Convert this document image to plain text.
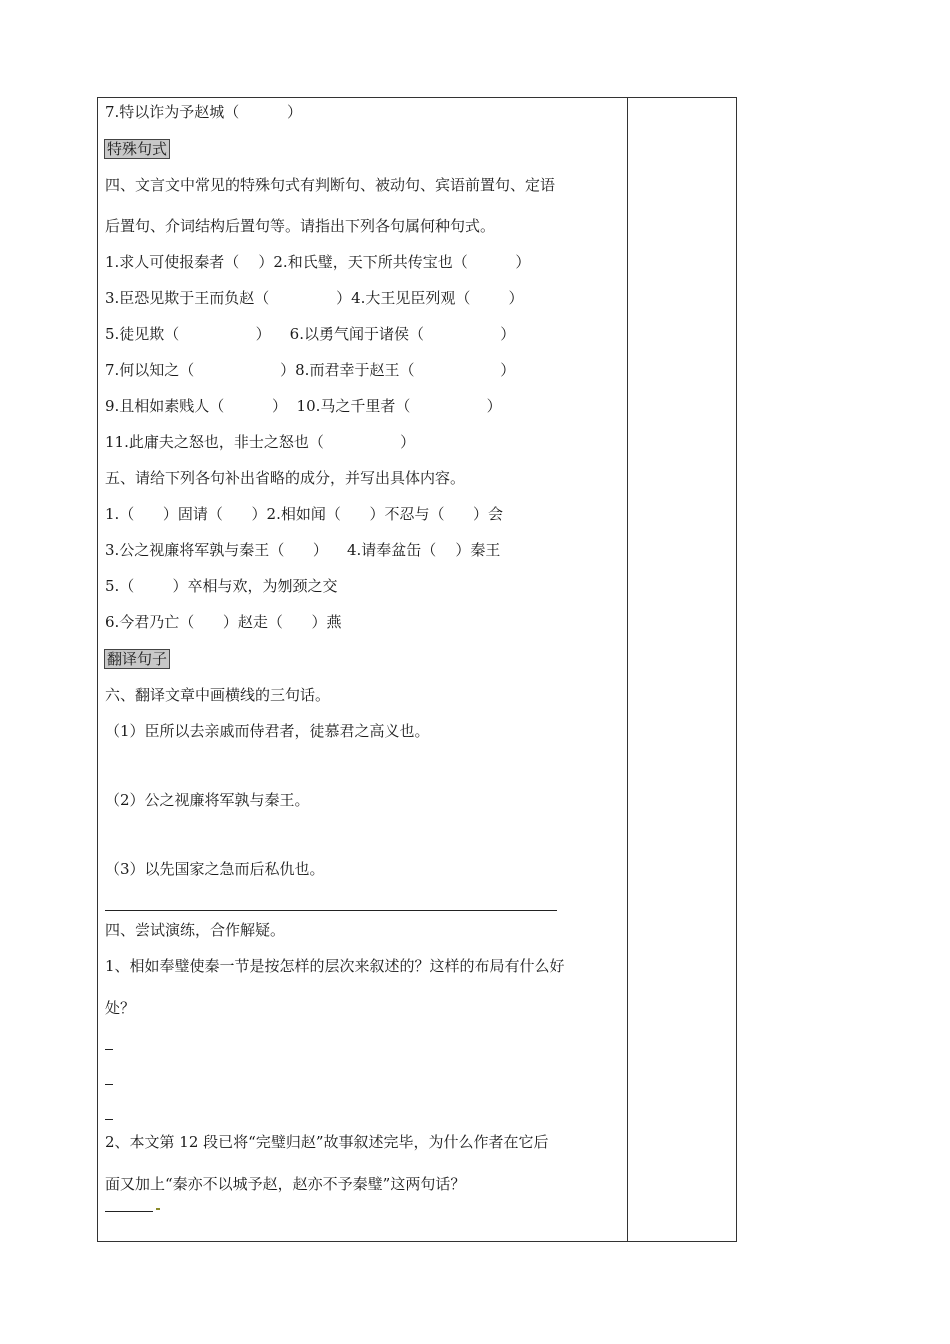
7.特以诈为予赵城（          ）
特殊句式
四、文言文中常见的特殊句式有判断句、被动句、宾语前置句、定语
后置句、介词结构后置句等。请指出下列各句属何种句式。
1.求人可使报秦者（    ）2.和氏璧，天下所共传宝也（          ）
3.臣恐见欺于王而负赵（              ）4.大王见臣列观（        ）
5.徒见欺（                ）    6.以勇气闻于诸侯（                ）
7.何以知之（                  ）8.而君幸于赵王（                  ）
9.且相如素贱人（          ）  10.马之千里者（                ）
11.此庸夫之怒也，非士之怒也（                ）
五、请给下列各句补出省略的成分，并写出具体内容。
1.（      ）固请（      ）2.相如闻（      ）不忍与（      ）会
3.公之视廉将军孰与秦王（      ）    4.请奉盆缶（    ）秦王
5.（        ）卒相与欢，为刎颈之交
6.今君乃亡（      ）赵走（      ）燕
翻译句子
六、翻译文章中画横线的三句话。
（1）臣所以去亲戚而侍君者，徒慕君之高义也。
（2）公之视廉将军孰与秦王。
（3）以先国家之急而后私仇也。
四、尝试演练，合作解疑。
1、相如奉璧使秦一节是按怎样的层次来叙述的？这样的布局有什么好
处？
2、本文第 12 段已将“完璧归赵”故事叙述完毕，为什么作者在它后
面又加上“秦亦不以城予赵，赵亦不予秦璧”这两句话？
